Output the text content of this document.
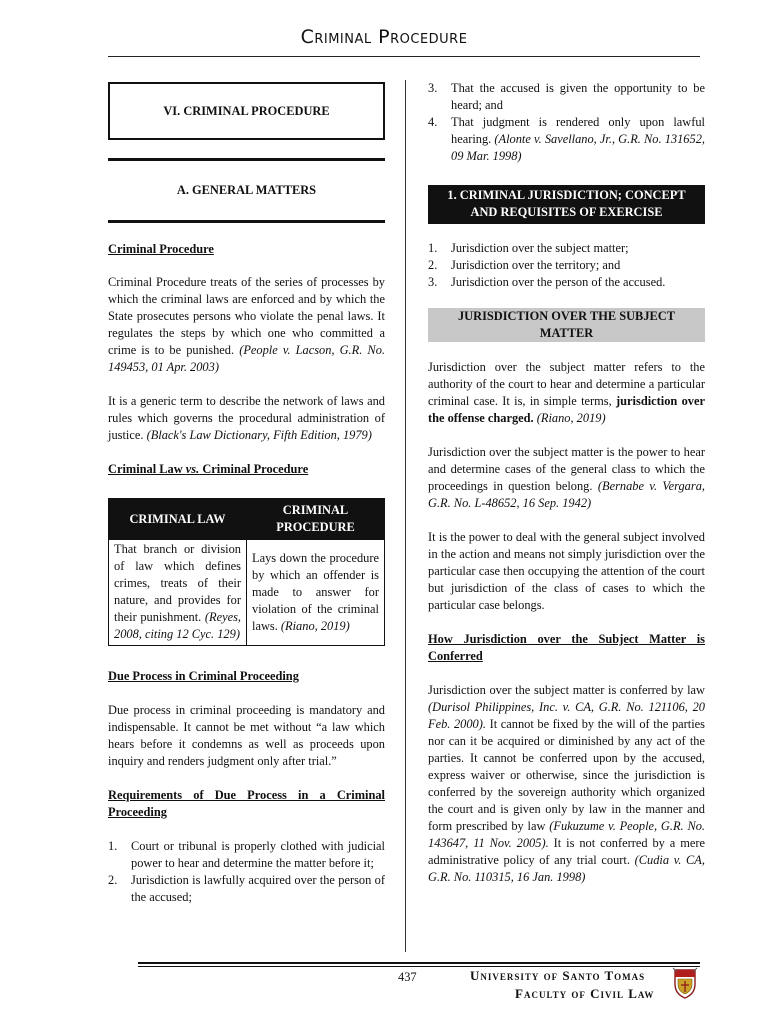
Criminal Procedure
VI. CRIMINAL PROCEDURE
A. GENERAL MATTERS

Criminal Procedure

Criminal Procedure treats of the series of processes by which the criminal laws are enforced and by which the State prosecutes persons who violate the penal laws. It regulates the steps by which one who committed a crime is to be punished. (People v. Lacson, G.R. No. 149453, 01 Apr. 2003)

It is a generic term to describe the network of laws and rules which governs the procedural administration of justice. (Black's Law Dictionary, Fifth Edition, 1979)

Criminal Law vs. Criminal Procedure

CRIMINAL LAW	CRIMINAL PROCEDURE
That branch or division of law which defines crimes, treats of their nature, and provides for their punishment. (Reyes, 2008, citing 12 Cyc. 129)	Lays down the procedure by which an offender is made to answer for violation of the criminal laws. (Riano, 2019)

Due Process in Criminal Proceeding

Due process in criminal proceeding is mandatory and indispensable. It cannot be met without “a law which hears before it condemns as well as proceeds upon inquiry and renders judgment only after trial.”

Requirements of Due Process in a Criminal Proceeding

1.	Court or tribunal is properly clothed with judicial power to hear and determine the matter before it;
2.	Jurisdiction is lawfully acquired over the person of the accused;
3.	That the accused is given the opportunity to be heard; and
4.	That judgment is rendered only upon lawful hearing. (Alonte v. Savellano, Jr., G.R. No. 131652, 09 Mar. 1998)
1. CRIMINAL JURISDICTION; CONCEPT AND REQUISITES OF EXERCISE
1.	Jurisdiction over the subject matter;
2.	Jurisdiction over the territory; and
3.	Jurisdiction over the person of the accused.
JURISDICTION OVER THE SUBJECT MATTER

Jurisdiction over the subject matter refers to the authority of the court to hear and determine a particular criminal case. It is, in simple terms, jurisdiction over the offense charged. (Riano, 2019)

Jurisdiction over the subject matter is the power to hear and determine cases of the general class to which the proceedings in question belong. (Bernabe v. Vergara, G.R. No. L-48652, 16 Sep. 1942)

It is the power to deal with the general subject involved in the action and means not simply jurisdiction over the particular case then occupying the attention of the court but jurisdiction of the class of cases to which the particular case belongs.

How Jurisdiction over the Subject Matter is Conferred

Jurisdiction over the subject matter is conferred by law (Durisol Philippines, Inc. v. CA, G.R. No. 121106, 20 Feb. 2000). It cannot be fixed by the will of the parties nor can it be acquired or diminished by any act of the parties. It cannot be conferred upon by the accused, express waiver or otherwise, since the jurisdiction is conferred by the sovereign authority which organized the court and is given only by law in the manner and form prescribed by law (Fukuzume v. People, G.R. No. 143647, 11 Nov. 2005). It is not conferred by a mere administrative policy of any trial court. (Cudia v. CA, G.R. No. 110315, 16 Jan. 1998)

437	University of Santo Tomas
Faculty of Civil Law
